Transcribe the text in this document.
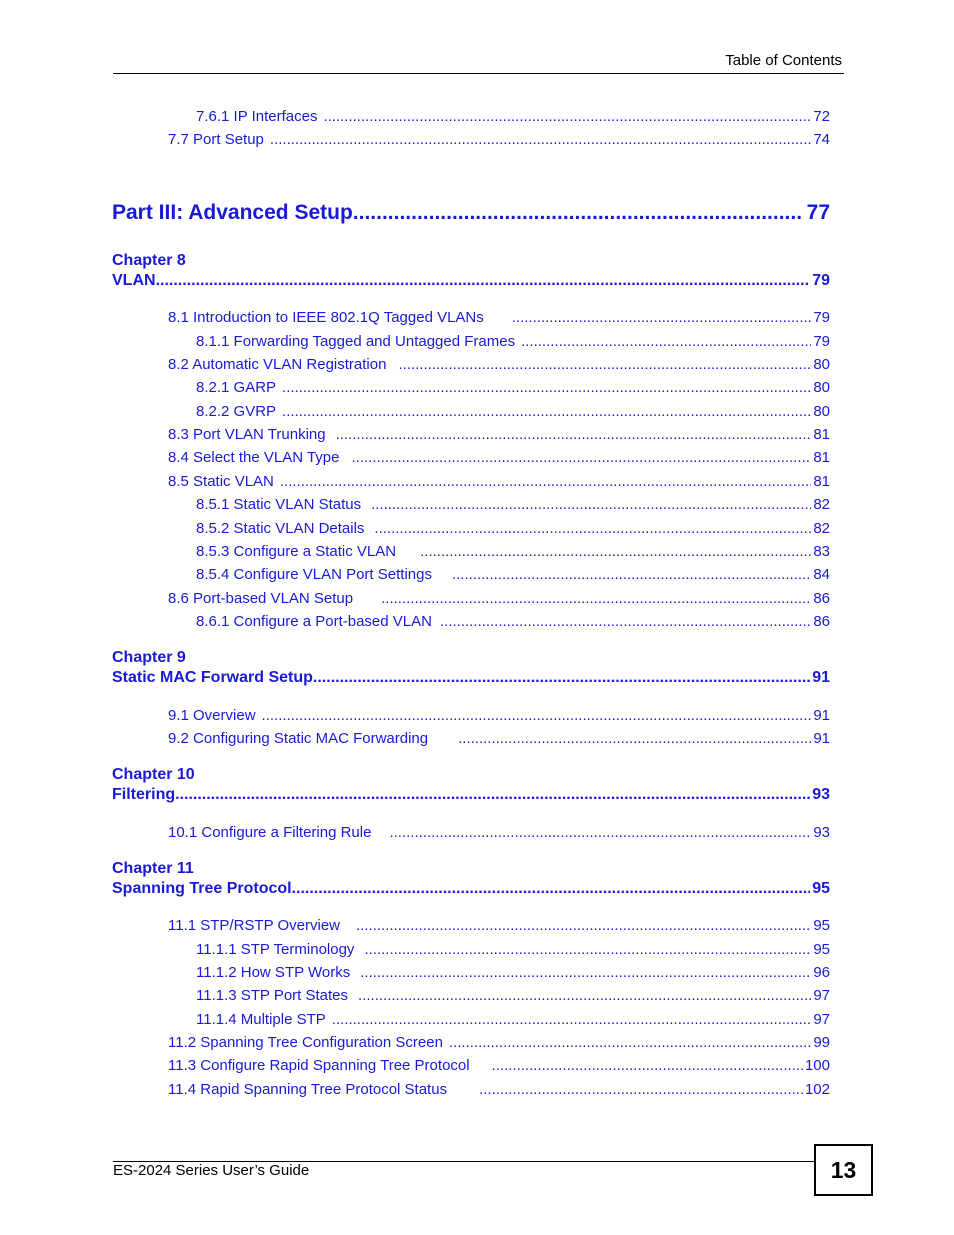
Table of Contents
7.6.1 IP Interfaces .....	72
7.7 Port Setup .....	74
Part III: Advanced Setup .....	77
Chapter 8
VLAN .....	79
8.1 Introduction to IEEE 802.1Q Tagged VLANs .....	79
8.1.1 Forwarding Tagged and Untagged Frames .....	79
8.2 Automatic VLAN Registration .....	80
8.2.1 GARP .....	80
8.2.2 GVRP .....	80
8.3 Port VLAN Trunking .....	81
8.4 Select the VLAN Type .....	81
8.5 Static VLAN .....	81
8.5.1 Static VLAN Status .....	82
8.5.2 Static VLAN Details .....	82
8.5.3 Configure a Static VLAN .....	83
8.5.4 Configure VLAN Port Settings .....	84
8.6 Port-based VLAN Setup .....	86
8.6.1 Configure a Port-based VLAN .....	86
Chapter 9
Static MAC Forward Setup .....	91
9.1 Overview .....	91
9.2 Configuring Static MAC Forwarding .....	91
Chapter 10
Filtering .....	93
10.1 Configure a Filtering Rule .....	93
Chapter 11
Spanning Tree Protocol .....	95
11.1 STP/RSTP Overview .....	95
11.1.1 STP Terminology .....	95
11.1.2 How STP Works .....	96
11.1.3 STP Port States .....	97
11.1.4 Multiple STP .....	97
11.2 Spanning Tree Configuration Screen .....	99
11.3 Configure Rapid Spanning Tree Protocol .....	100
11.4 Rapid Spanning Tree Protocol Status .....	102
ES-2024 Series User’s Guide	13
